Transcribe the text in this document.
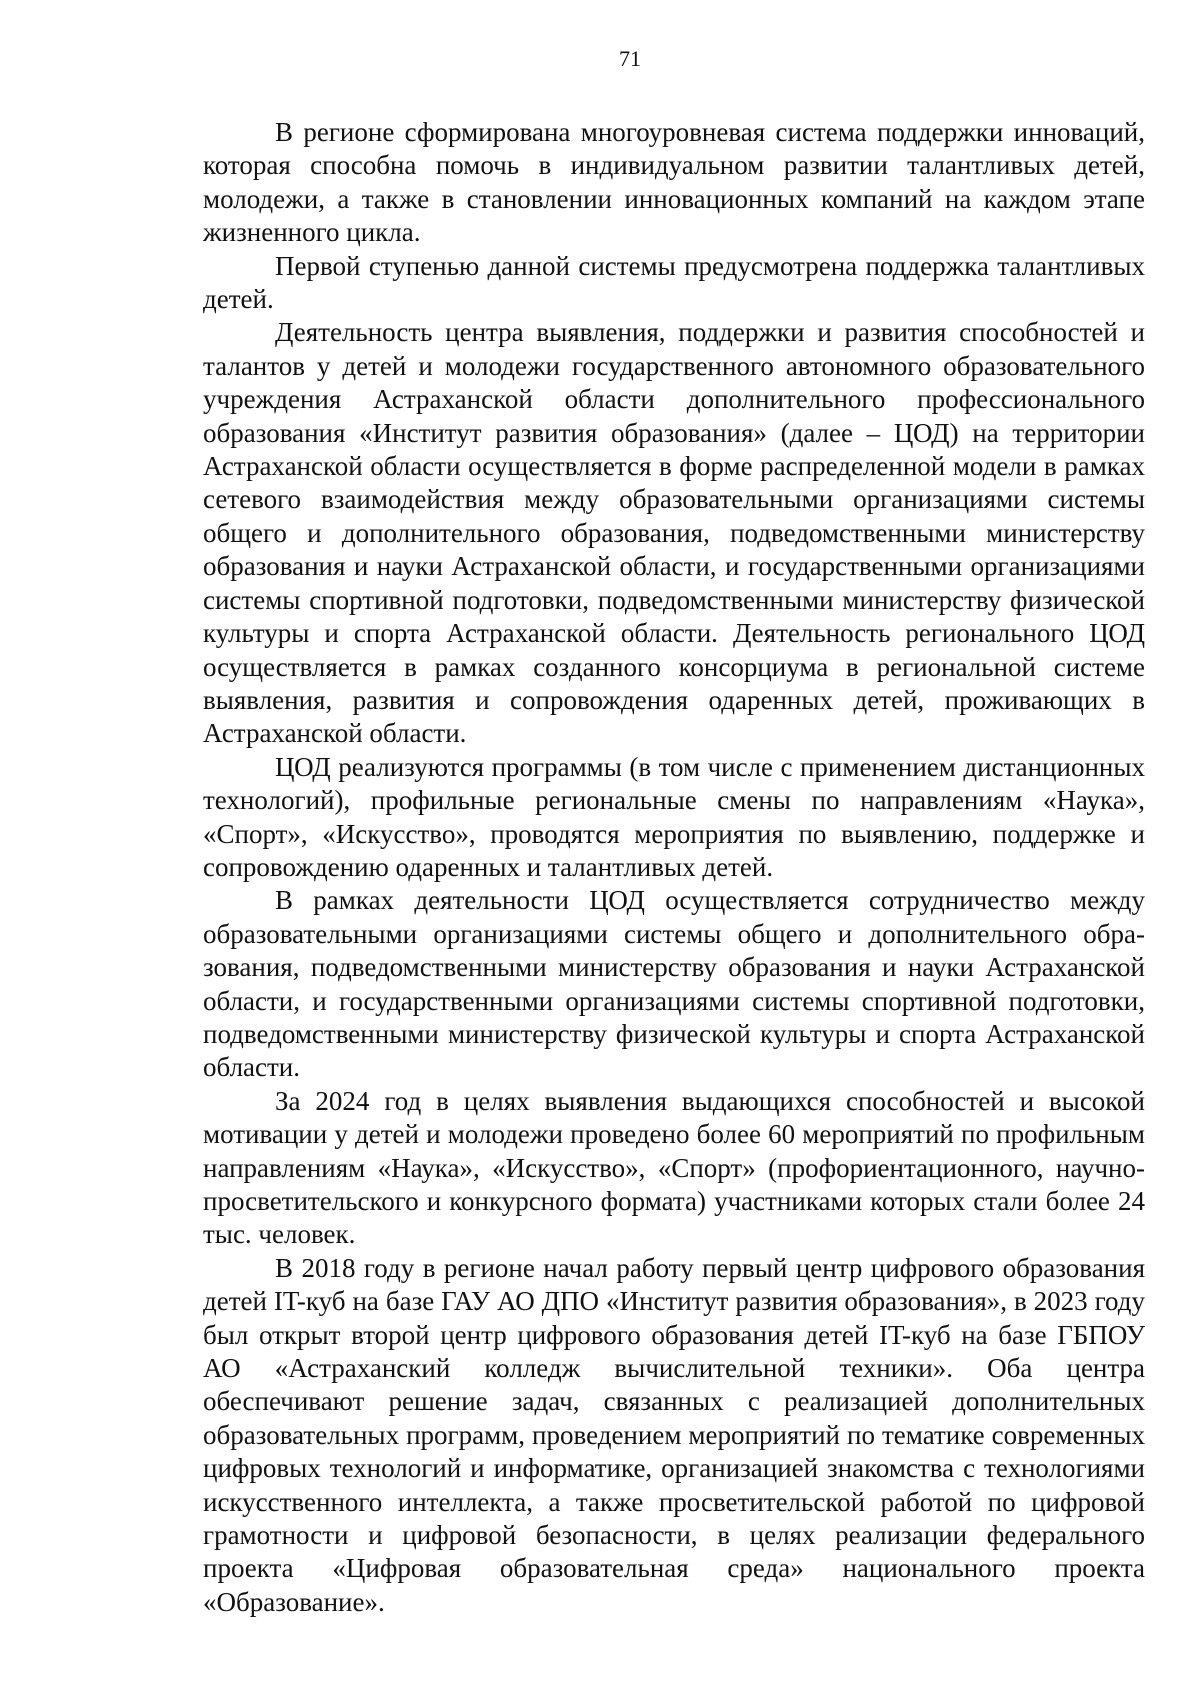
71

В регионе сформирована многоуровневая система поддержки инноваций, которая способна помочь в индивидуальном развитии талантливых детей, молодежи, а также в становлении инновационных компаний на каждом этапе жизненного цикла.

Первой ступенью данной системы предусмотрена поддержка талантливых детей.

Деятельность центра выявления, поддержки и развития способностей и талантов у детей и молодежи государственного автономного образовательного учреждения Астраханской области дополнительного профессионального образования «Институт развития образования» (далее – ЦОД) на территории Астраханской области осуществляется в форме распределенной модели в рамках сетевого взаимодействия между образовательными организациями системы общего и дополнительного образования, подведомственными министерству образования и науки Астраханской области, и государственными организациями системы спортивной подготовки, подведомственными министерству физической культуры и спорта Астраханской области. Деятельность регионального ЦОД осуществляется в рамках созданного консорциума в региональной системе выявления, развития и сопровождения одаренных детей, проживающих в Астраханской области.

ЦОД реализуются программы (в том числе с применением дистанционных технологий), профильные региональные смены по направлениям «Наука», «Спорт», «Искусство», проводятся мероприятия по выявлению, поддержке и сопровождению одаренных и талантливых детей.

В рамках деятельности ЦОД осуществляется сотрудничество между образовательными организациями системы общего и дополнительного образования, подведомственными министерству образования и науки Астраханской области, и государственными организациями системы спортивной подготовки, подведомственными министерству физической культуры и спорта Астраханской области.

За 2024 год в целях выявления выдающихся способностей и высокой мотивации у детей и молодежи проведено более 60 мероприятий по профильным направлениям «Наука», «Искусство», «Спорт» (профориентационного, научно-просветительского и конкурсного формата) участниками которых стали более 24 тыс. человек.

В 2018 году в регионе начал работу первый центр цифрового образования детей IT-куб на базе ГАУ АО ДПО «Институт развития образования», в 2023 году был открыт второй центр цифрового образования детей IT-куб на базе ГБПОУ АО «Астраханский колледж вычислительной техники». Оба центра обеспечивают решение задач, связанных с реализацией дополнительных образовательных программ, проведением мероприятий по тематике современных цифровых технологий и информатике, организацией знакомства с технологиями искусственного интеллекта, а также просветительской работой по цифровой грамотности и цифровой безопасности, в целях реализации федерального проекта «Цифровая образовательная среда» национального проекта «Образование».
